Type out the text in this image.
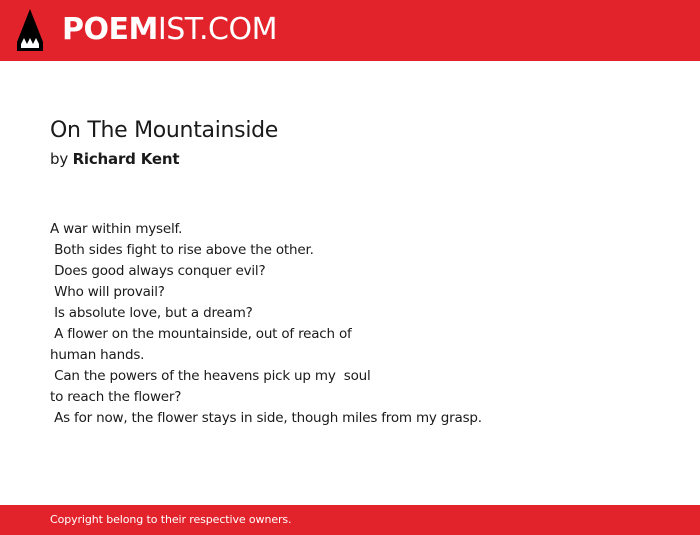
POEMIST.COM
On The Mountainside
by Richard Kent
A war within myself.
Both sides fight to rise above the other.
Does good always conquer evil?
Who will provail?
Is absolute love, but a dream?
A flower on the mountainside, out of reach of
human hands.
Can the powers of the heavens pick up my  soul
to reach the flower?
As for now, the flower stays in side, though miles from my grasp.
Copyright belong to their respective owners.
